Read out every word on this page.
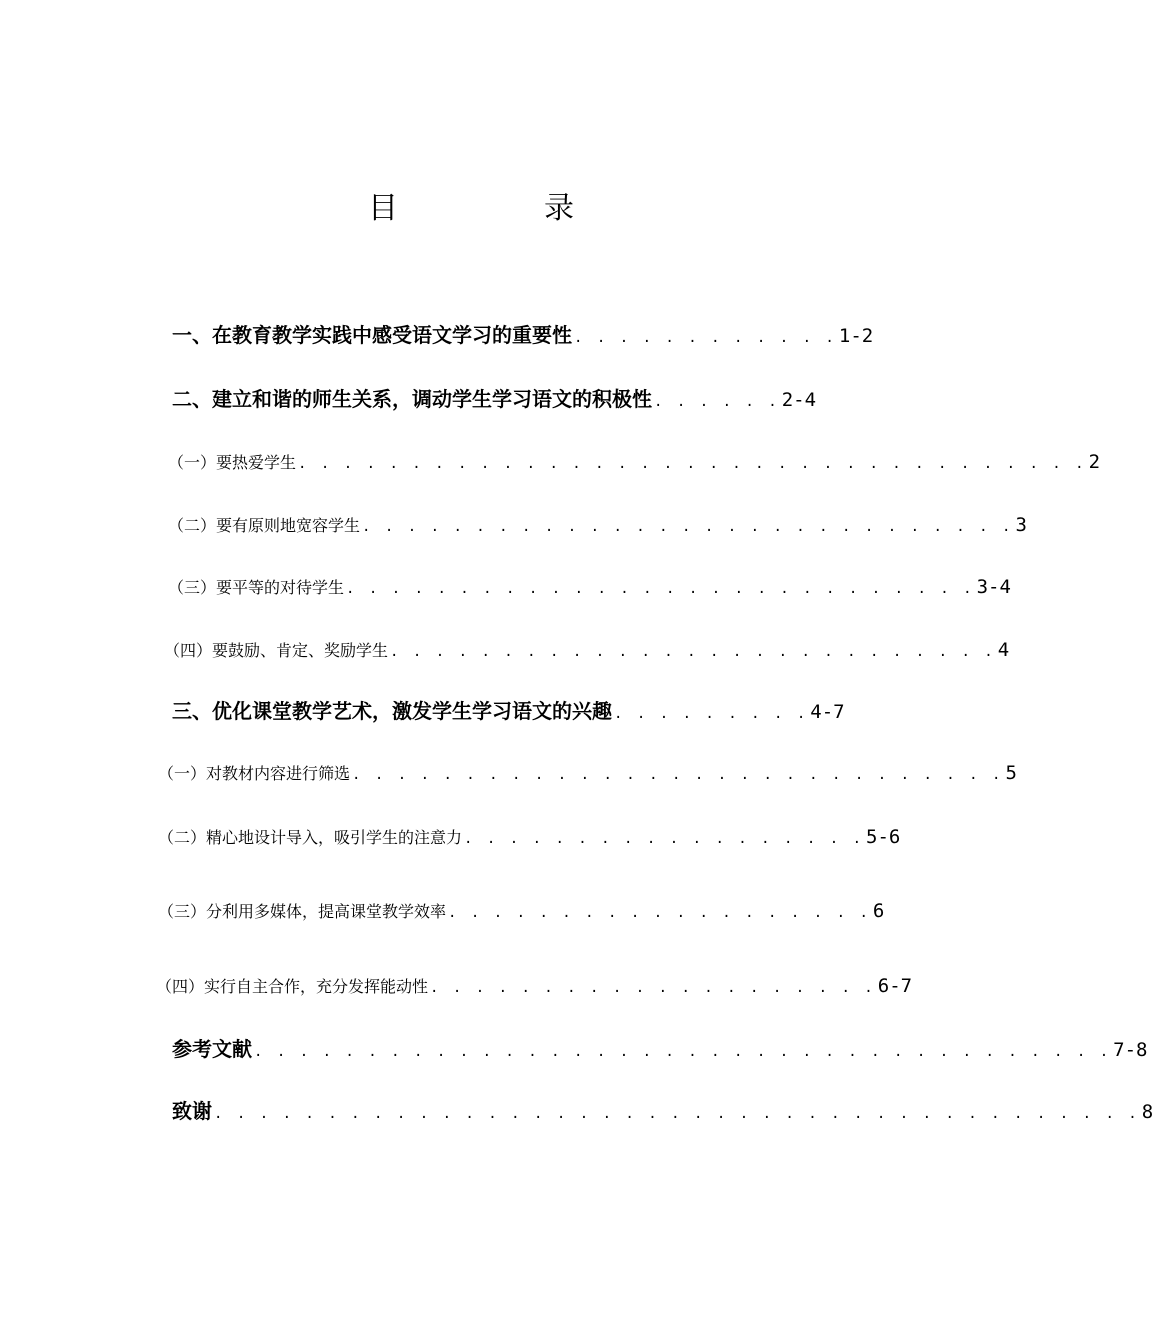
目　录
一、在教育教学实践中感受语文学习的重要性 . . . . . . . . . . . . 1-2
二、建立和谐的师生关系，调动学生学习语文的积极性 . . . . . . 2-4
（一）要热爱学生 . . . . . . . . . . . . . . . . . . . . . . . . . . . . . . . . . . . 2
（二）要有原则地宽容学生 . . . . . . . . . . . . . . . . . . . . . . . . . . . . . 3
（三）要平等的对待学生 . . . . . . . . . . . . . . . . . . . . . . . . . . . . 3-4
（四）要鼓励、肯定、奖励学生 . . . . . . . . . . . . . . . . . . . . . . . . . . . 4
三、优化课堂教学艺术，激发学生学习语文的兴趣 . . . . . . . . . 4-7
（一）对教材内容进行筛选 . . . . . . . . . . . . . . . . . . . . . . . . . . . . . 5
（二）精心地设计导入，吸引学生的注意力 . . . . . . . . . . . . . . . . . . 5-6
（三）分利用多媒体，提高课堂教学效率 . . . . . . . . . . . . . . . . . . . 6
（四）实行自主合作，充分发挥能动性 . . . . . . . . . . . . . . . . . . . . 6-7
参考文献 . . . . . . . . . . . . . . . . . . . . . . . . . . . . . . . . . . . . . . 7-8
致谢 . . . . . . . . . . . . . . . . . . . . . . . . . . . . . . . . . . . . . . . . . 8
